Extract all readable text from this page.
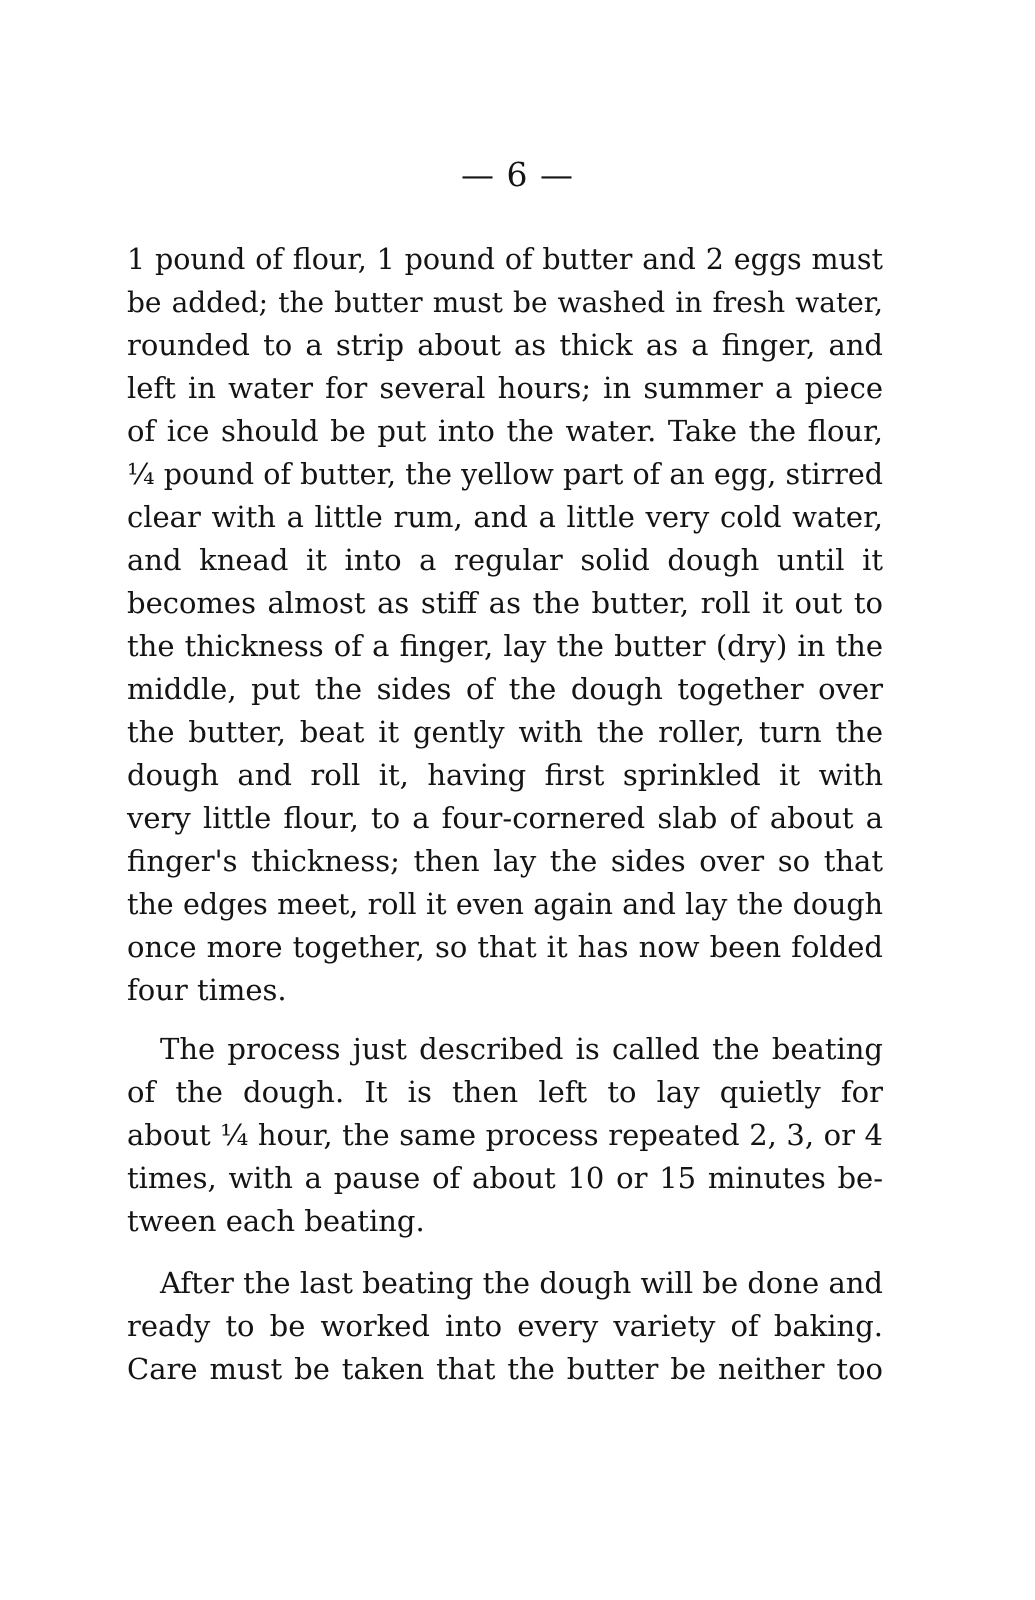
— 6 —
1 pound of flour, 1 pound of butter and 2 eggs must
be added; the butter must be washed in fresh water,
rounded to a strip about as thick as a finger, and
left in water for several hours; in summer a piece
of ice should be put into the water. Take the flour,
¼ pound of butter, the yellow part of an egg, stirred
clear with a little rum, and a little very cold water,
and knead it into a regular solid dough until it
becomes almost as stiff as the butter, roll it out to
the thickness of a finger, lay the butter (dry) in the
middle, put the sides of the dough together over
the butter, beat it gently with the roller, turn the
dough and roll it, having first sprinkled it with
very little flour, to a four-cornered slab of about a
finger's thickness; then lay the sides over so that
the edges meet, roll it even again and lay the dough
once more together, so that it has now been folded
four times.
The process just described is called the beating
of the dough. It is then left to lay quietly for
about ¼ hour, the same process repeated 2, 3, or 4
times, with a pause of about 10 or 15 minutes be-
tween each beating.
After the last beating the dough will be done and
ready to be worked into every variety of baking.
Care must be taken that the butter be neither too
